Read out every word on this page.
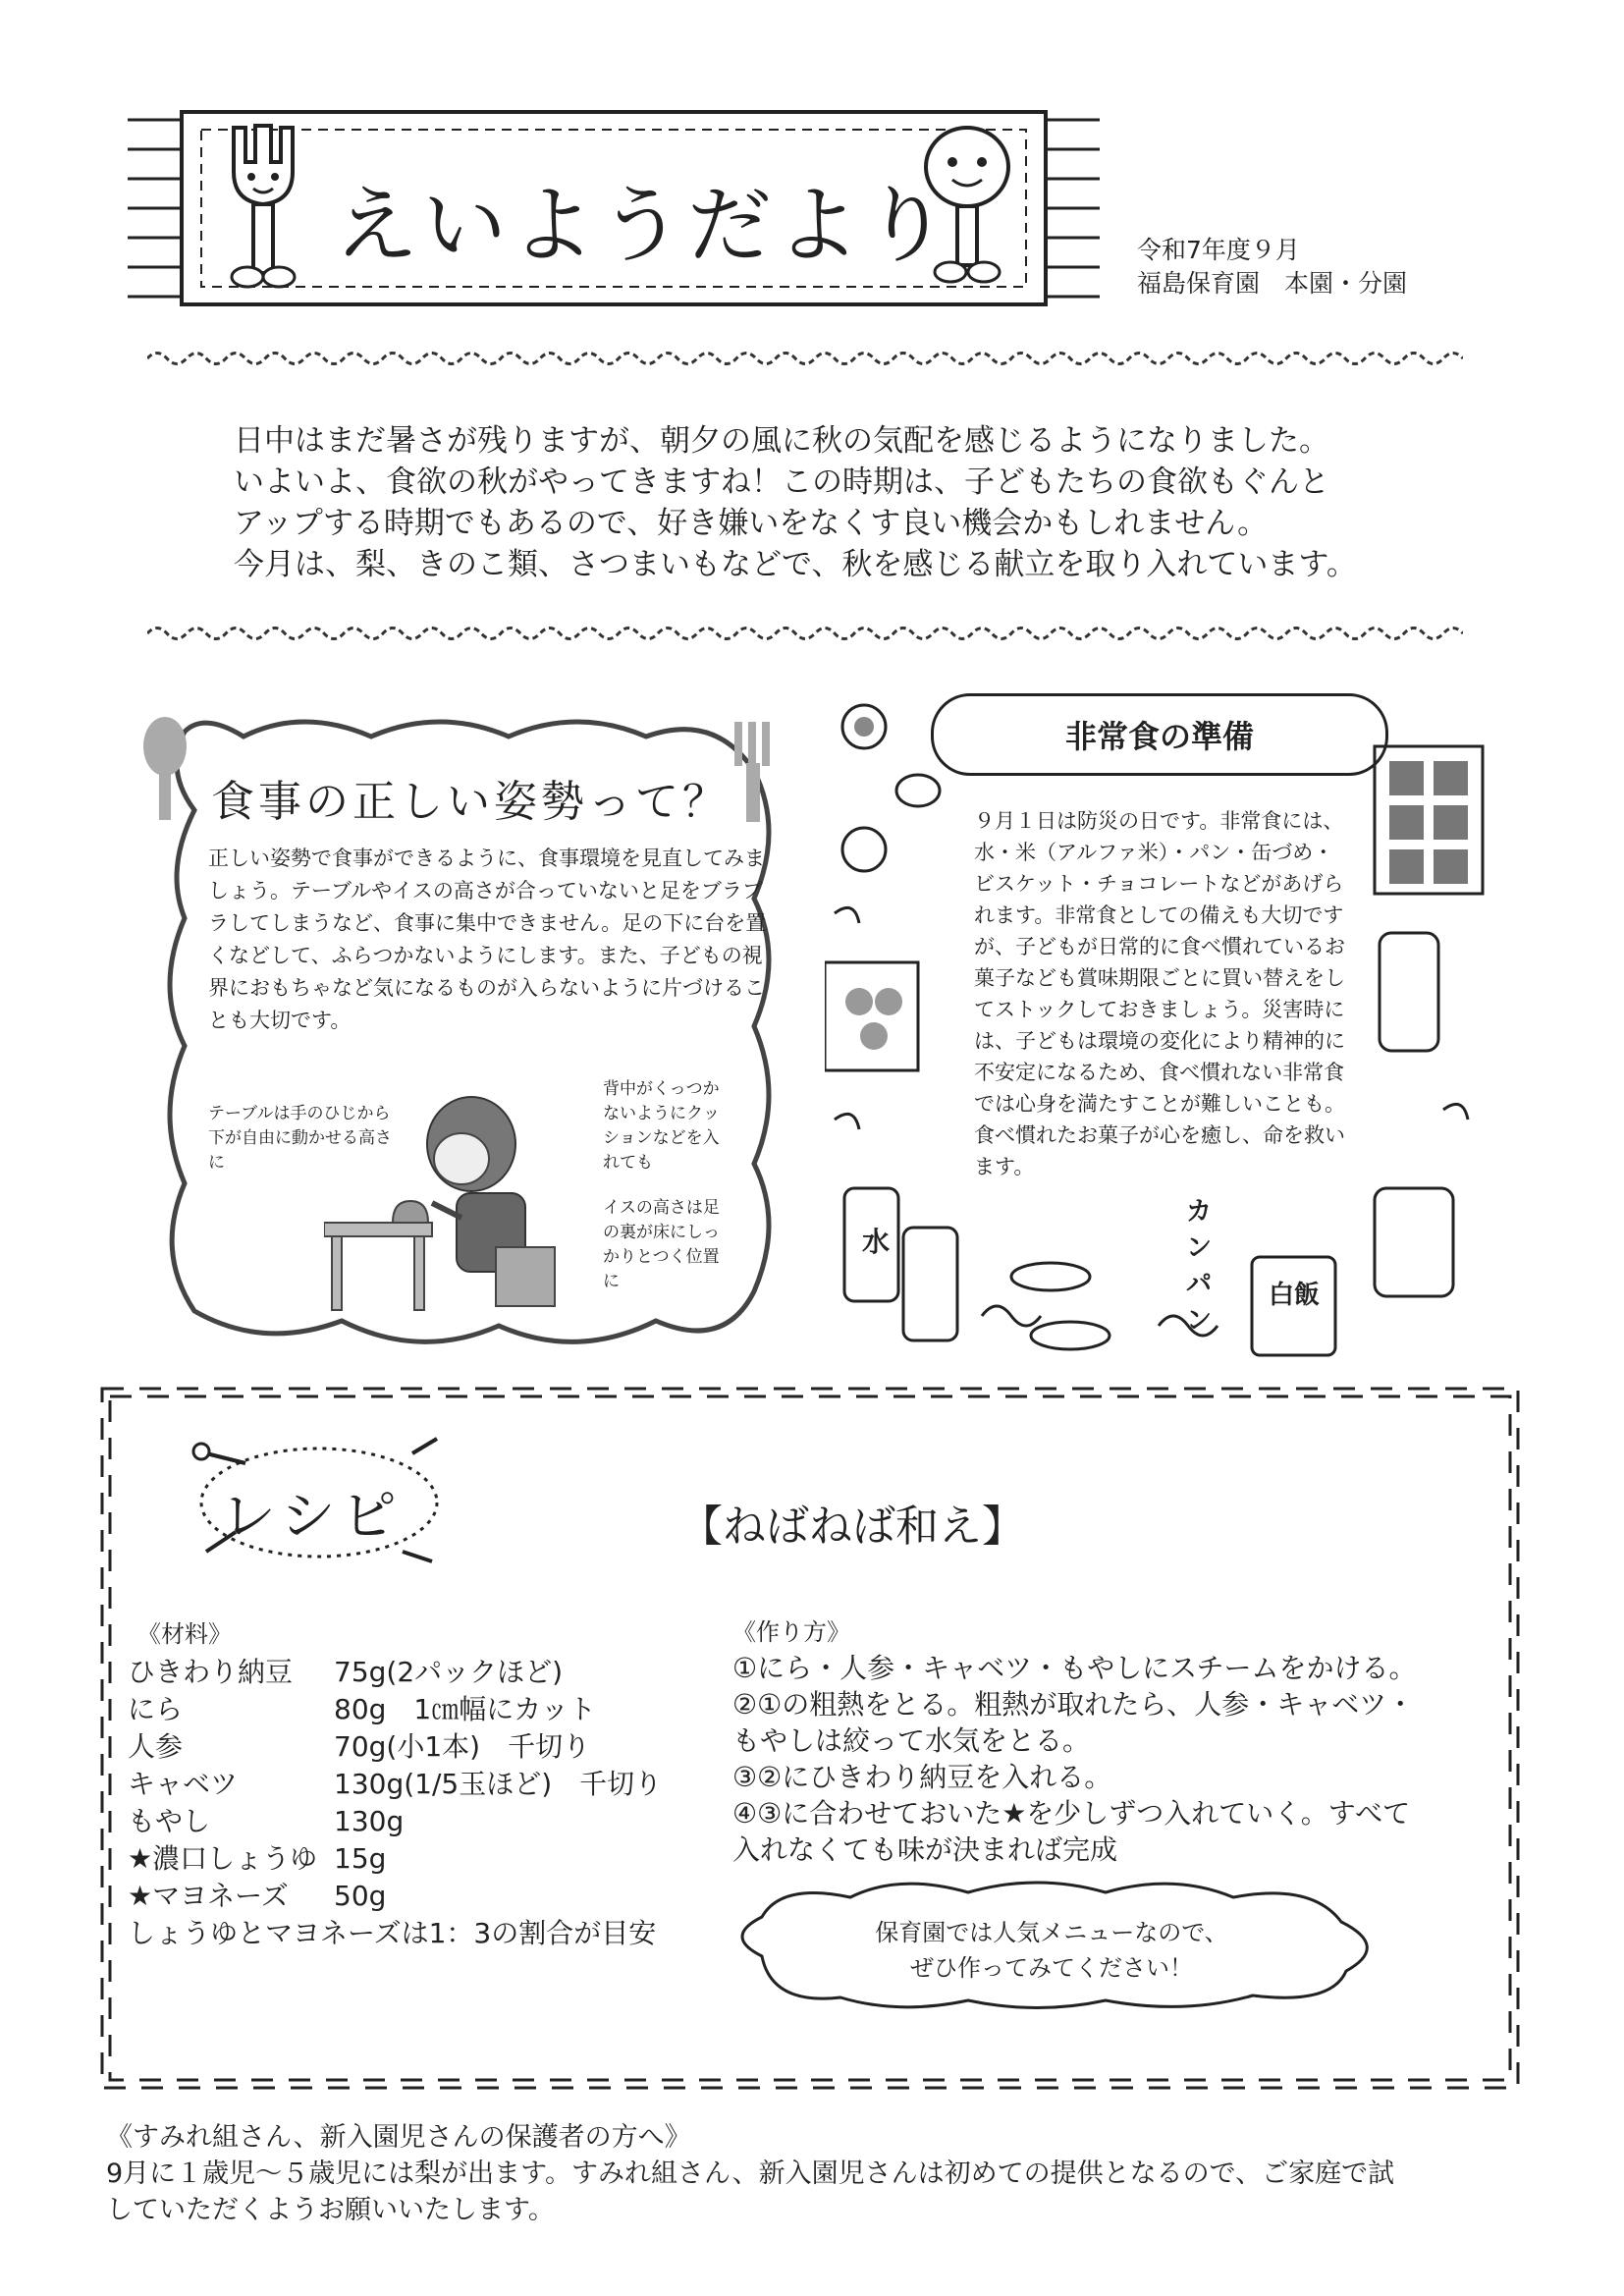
えいようだより	令和7年度９月
福島保育園　本園・分園

日中はまだ暑さが残りますが、朝夕の風に秋の気配を感じるようになりました。

いよいよ、食欲の秋がやってきますね！この時期は、子どもたちの食欲もぐんと

アップする時期でもあるので、好き嫌いをなくす良い機会かもしれません。

今月は、梨、きのこ類、さつまいもなどで、秋を感じる献立を取り入れています。

食事の正しい姿勢って？
正しい姿勢で食事ができるように、食事環境を見直してみましょう。テーブルやイスの高さが合っていないと足をブラブラしてしまうなど、食事に集中できません。足の下に台を置くなどして、ふらつかないようにします。また、子どもの視界におもちゃなど気になるものが入らないように片づけることも大切です。
テーブルは手のひじから下が自由に動かせる高さに
背中がくっつかないようにクッションなどを入れても
イスの高さは足の裏が床にしっかりとつく位置に
カンパン
水
白飯
非常食の準備
９月１日は防災の日です。非常食には、水・米（アルファ米）・パン・缶づめ・ビスケット・チョコレートなどがあげられます。非常食としての備えも大切ですが、子どもが日常的に食べ慣れているお菓子なども賞味期限ごとに買い替えをしてストックしておきましょう。災害時には、子どもは環境の変化により精神的に不安定になるため、食べ慣れない非常食では心身を満たすことが難しいことも。食べ慣れたお菓子が心を癒し、命を救います。
レシピ	【ねばねば和え】
《材料》
ひきわり納豆 75g(2パックほど)
にら	80g　1㎝幅にカット
人参	70g(小1本)　千切り
キャベツ	130g(1/5玉ほど)　千切り
もやし	130g
★濃口しょうゆ 15g
★マヨネーズ 50g
しょうゆとマヨネーズは1：3の割合が目安
《作り方》
①にら・人参・キャベツ・もやしにスチームをかける。
②①の粗熱をとる。粗熱が取れたら、人参・キャベツ・
もやしは絞って水気をとる。
③②にひきわり納豆を入れる。
④③に合わせておいた★を少しずつ入れていく。すべて
入れなくても味が決まれば完成
保育園では人気メニューなので、
ぜひ作ってみてください！
《すみれ組さん、新入園児さんの保護者の方へ》
9月に１歳児～５歳児には梨が出ます。すみれ組さん、新入園児さんは初めての提供となるので、ご家庭で試
していただくようお願いいたします。
